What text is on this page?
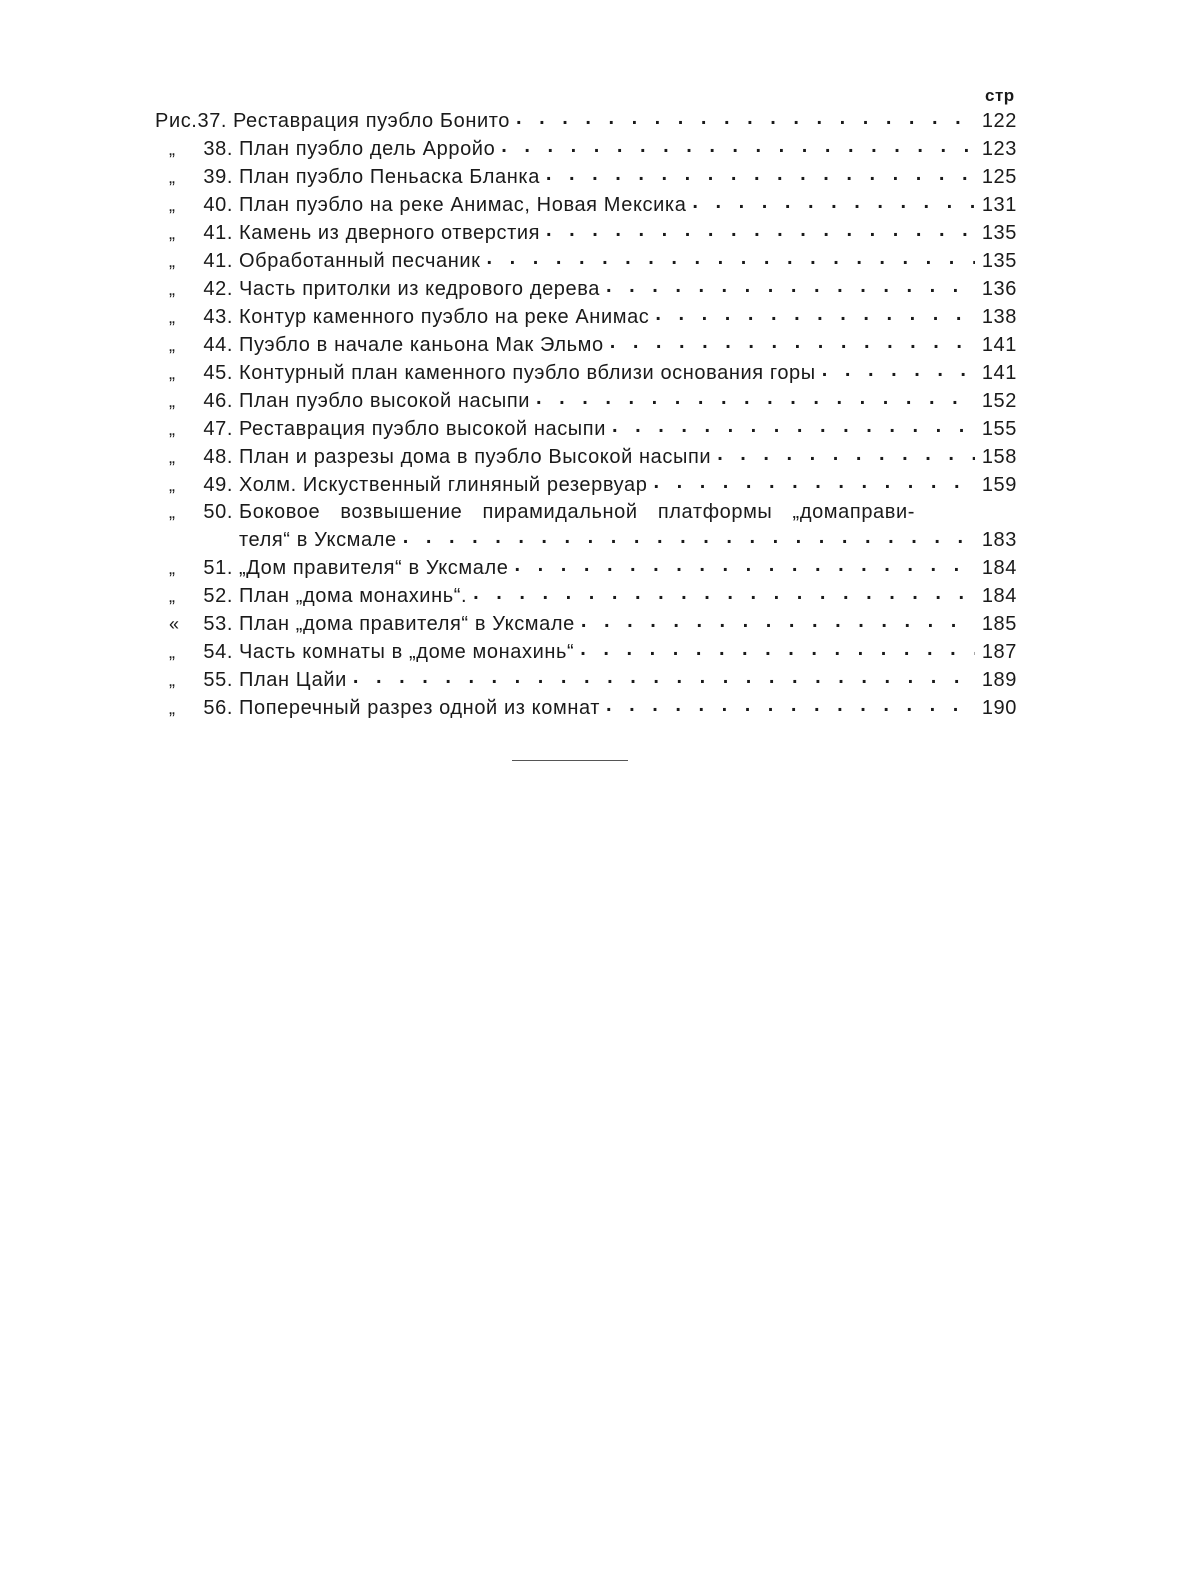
стр
Рис.37. Реставрация пуэбло Бонито . . .	122
„	38. План пуэбло дель Арройо . . .	123
„	39. План пуэбло Пеньаска Бланка . . .	125
„	40. План пуэбло на реке Анимас, Новая Мексика . . .	131
„	41. Камень из дверного отверстия . . .	135
„	41. Обработанный песчаник . . .	135
„	42. Часть притолки из кедрового дерева . . .	136
„	43. Контур каменного пуэбло на реке Анимас . . .	138
„	44. Пуэбло в начале каньона Мак Эльмо . . .	141
„	45. Контурный план каменного пуэбло вблизи основания горы . . .	141
„	46. План пуэбло высокой насыпи . . .	152
„	47. Реставрация пуэбло высокой насыпи . . .	155
„	48. План и разрезы дома в пуэбло Высокой насыпи . . .	158
„	49. Холм. Искуственный глиняный резервуар . . .	159
„	50. Боковое возвышение пирамидальной платформы „домаправи-
теля“ в Уксмале . . .	183
„	51. „Дом правителя“ в Уксмале . . .	184
„	52. План „дома монахинь“. . . .	184
«	53. План „дома правителя“ в Уксмале . . .	185
„	54. Часть комнаты в „доме монахинь“ . . .	187
„	55. План Цайи . . .	189
„	56. Поперечный разрез одной из комнат . . .	190
